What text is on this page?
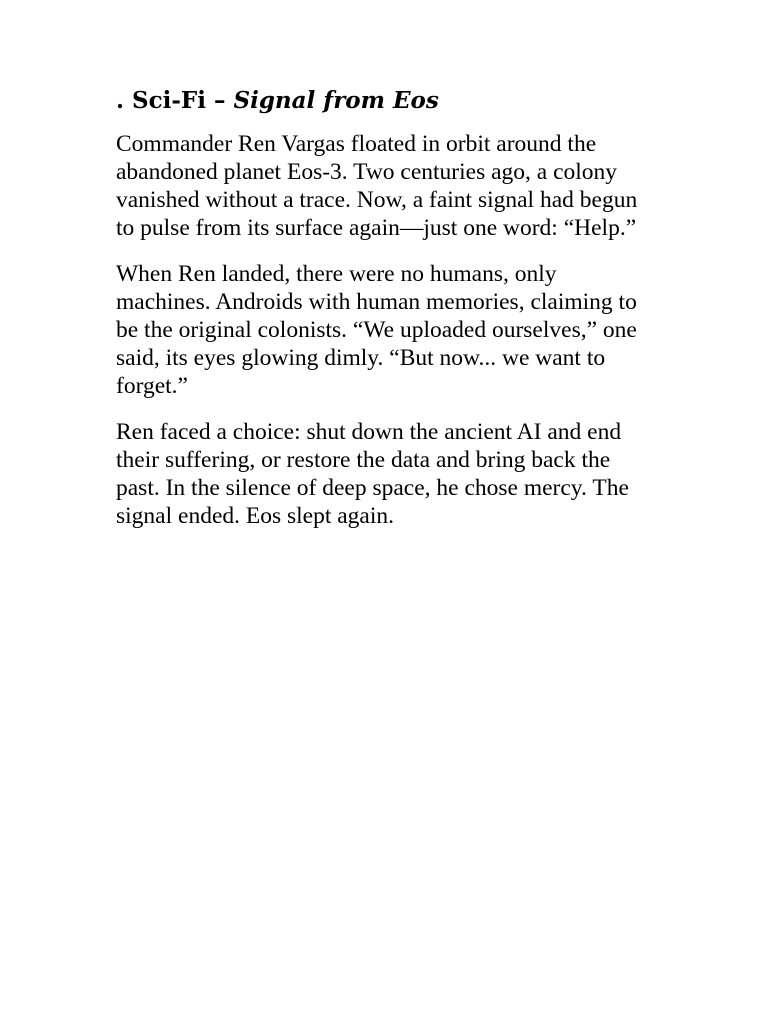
. Sci-Fi – Signal from Eos

Commander Ren Vargas floated in orbit around the abandoned planet Eos-3. Two centuries ago, a colony vanished without a trace. Now, a faint signal had begun to pulse from its surface again—just one word: “Help.”

When Ren landed, there were no humans, only machines. Androids with human memories, claiming to be the original colonists. “We uploaded ourselves,” one said, its eyes glowing dimly. “But now... we want to forget.”

Ren faced a choice: shut down the ancient AI and end their suffering, or restore the data and bring back the past. In the silence of deep space, he chose mercy. The signal ended. Eos slept again.
